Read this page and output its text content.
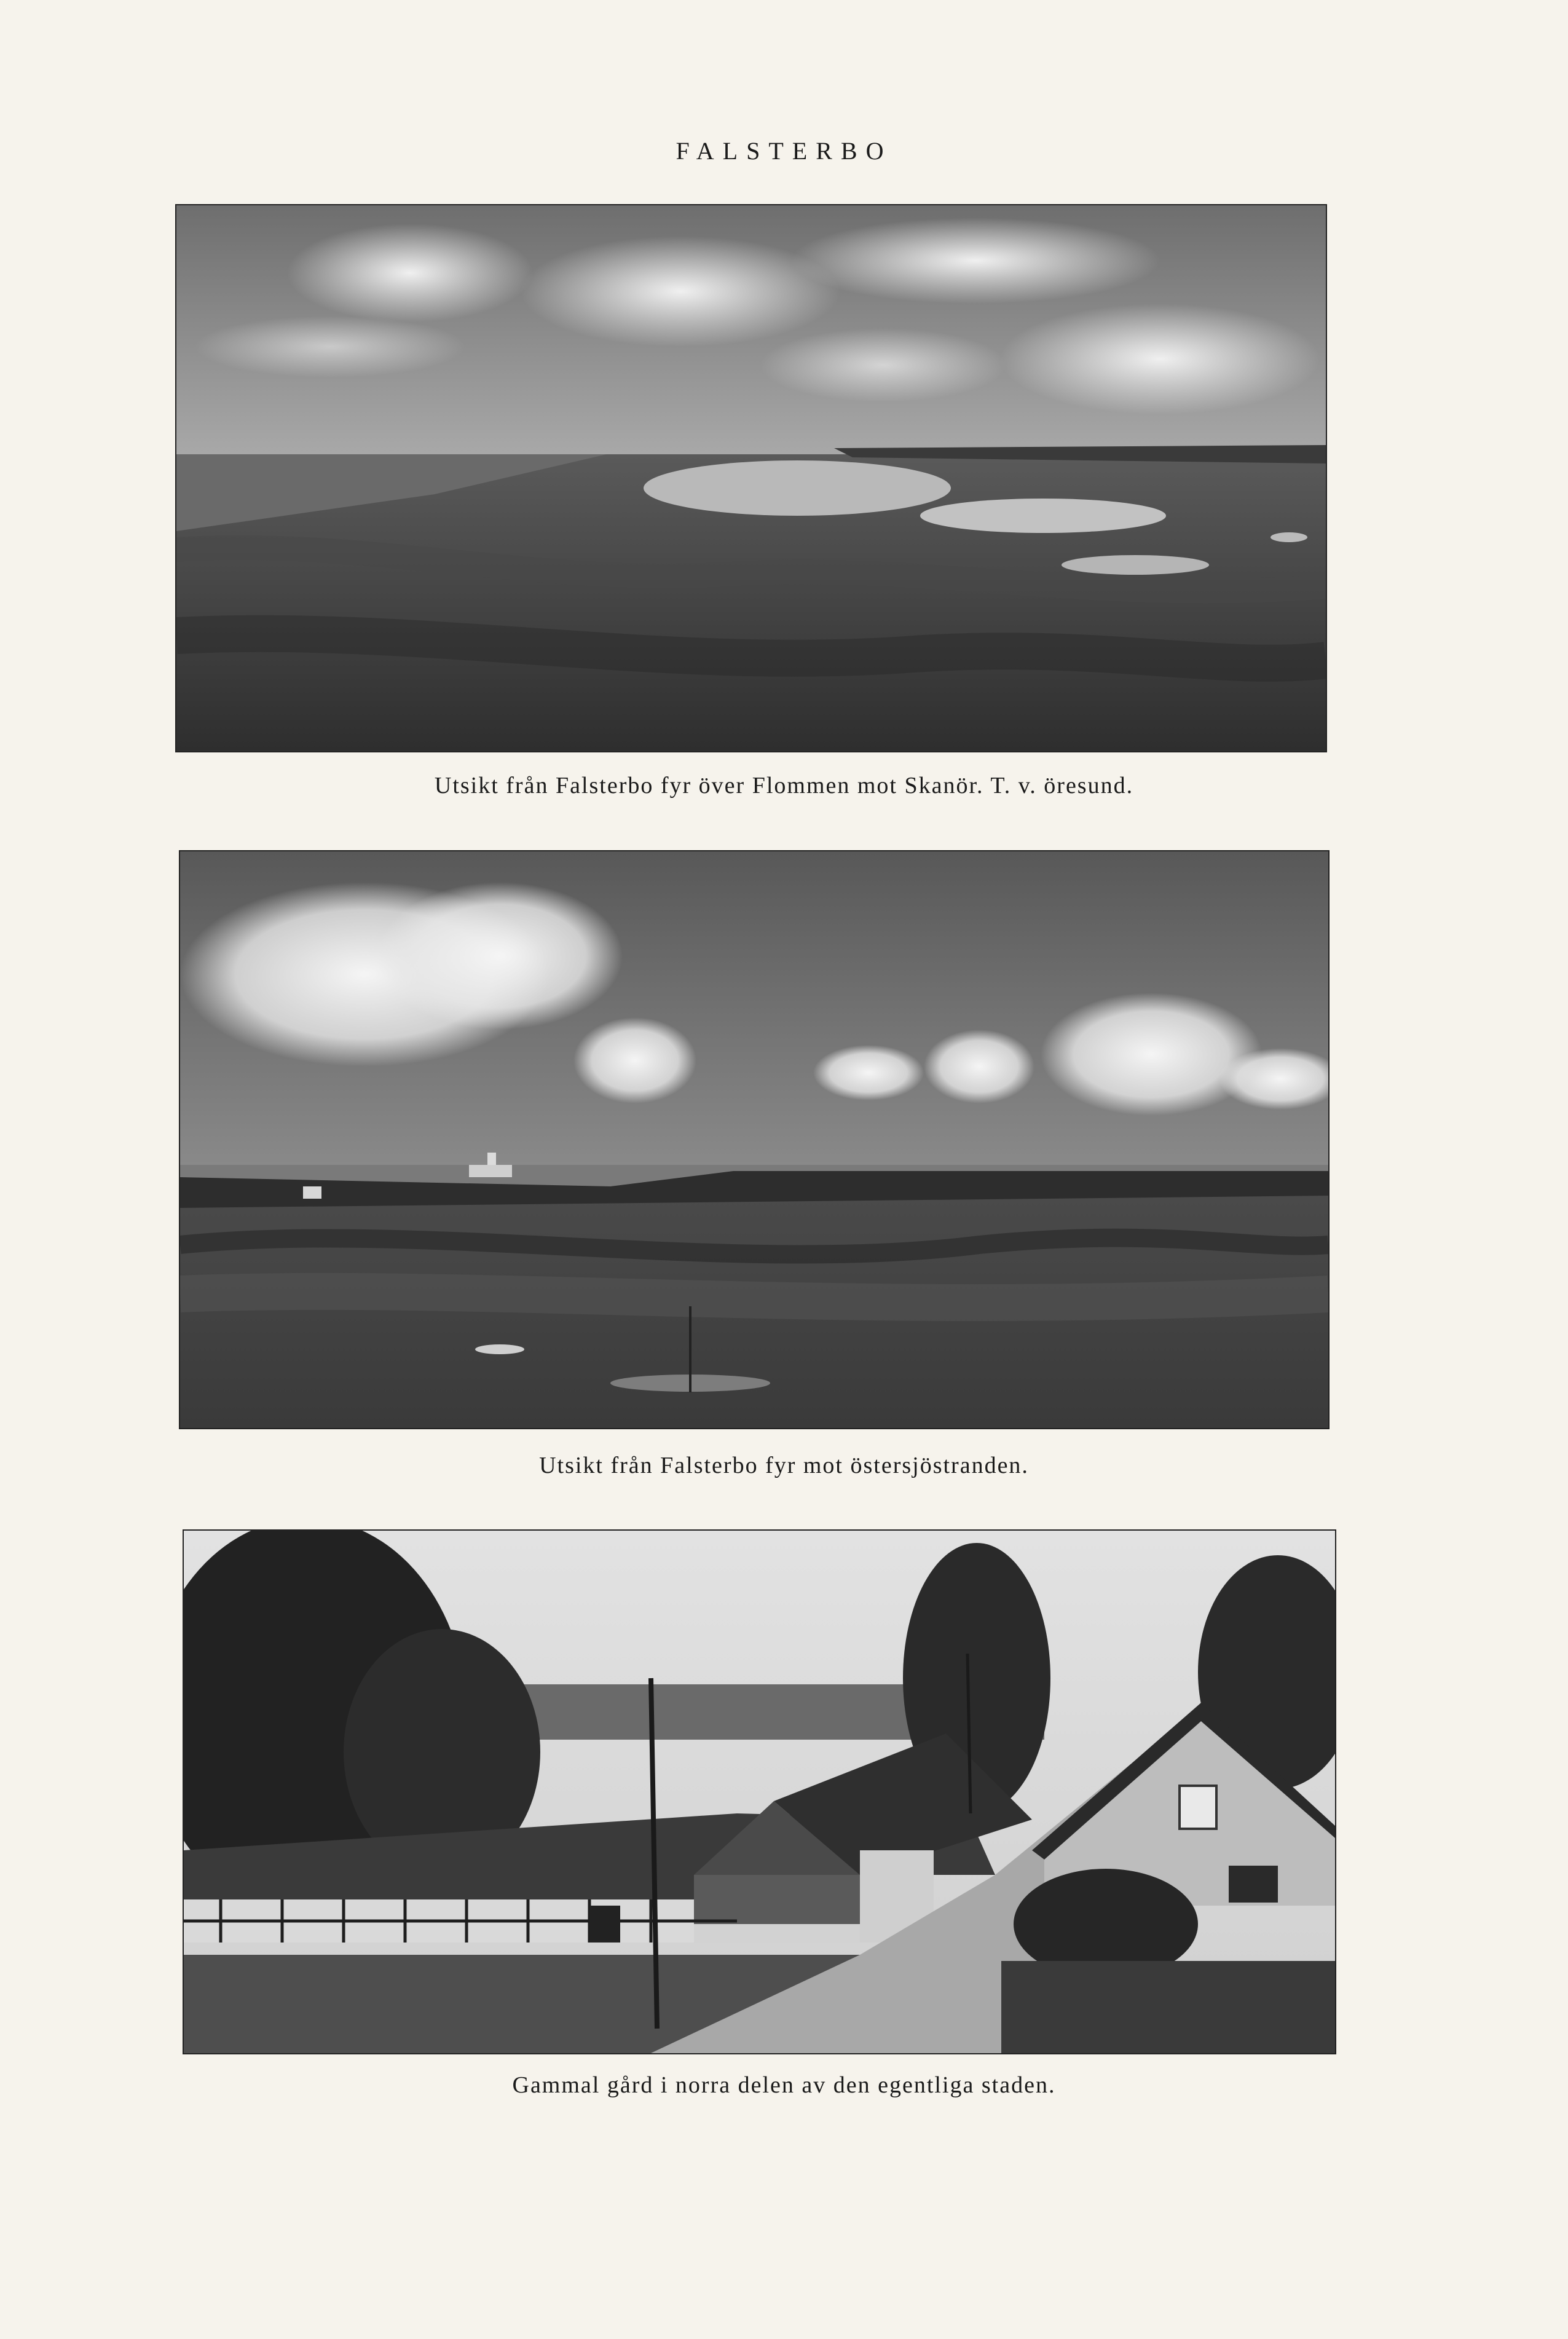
FALSTERBO
Utsikt från Falsterbo fyr över Flommen mot Skanör. T. v. öresund.
Utsikt från Falsterbo fyr mot östersjöstranden.
Gammal gård i norra delen av den egentliga staden.
